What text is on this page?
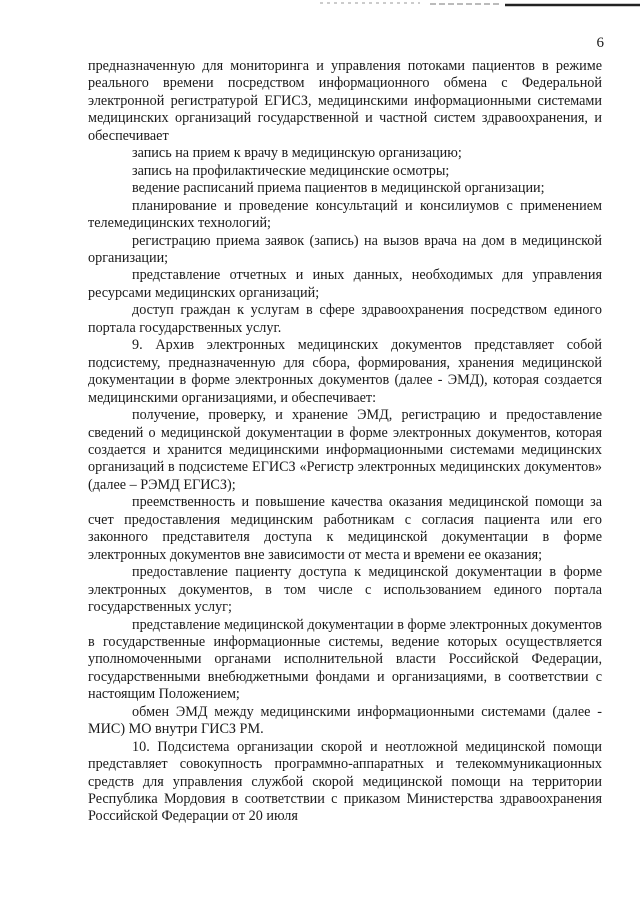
6

предназначенную для мониторинга и управления потоками пациентов в режиме реального времени посредством информационного обмена с Федеральной электронной регистратурой ЕГИСЗ, медицинскими информационными системами медицинских организаций государственной и частной систем здравоохранения, и обеспечивает

запись на прием к врачу в медицинскую организацию;

запись на профилактические медицинские осмотры;

ведение расписаний приема пациентов в медицинской организации;

планирование и проведение консультаций и консилиумов с применением телемедицинских технологий;

регистрацию приема заявок (запись) на вызов врача на дом в медицинской организации;

представление отчетных и иных данных, необходимых для управления ресурсами медицинских организаций;

доступ граждан к услугам в сфере здравоохранения посредством единого портала государственных услуг.

9. Архив электронных медицинских документов представляет собой подсистему, предназначенную для сбора, формирования, хранения медицинской документации в форме электронных документов (далее - ЭМД), которая создается медицинскими организациями, и обеспечивает:

получение, проверку, и хранение ЭМД, регистрацию и предоставление сведений о медицинской документации в форме электронных документов, которая создается и хранится медицинскими информационными системами медицинских организаций в подсистеме ЕГИСЗ «Регистр электронных медицинских документов» (далее – РЭМД ЕГИСЗ);

преемственность и повышение качества оказания медицинской помощи за счет предоставления медицинским работникам с согласия пациента или его законного представителя доступа к медицинской документации в форме электронных документов вне зависимости от места и времени ее оказания;

предоставление пациенту доступа к медицинской документации в форме электронных документов, в том числе с использованием единого портала государственных услуг;

представление медицинской документации в форме электронных документов в государственные информационные системы, ведение которых осуществляется уполномоченными органами исполнительной власти Российской Федерации, государственными внебюджетными фондами и организациями, в соответствии с настоящим Положением;

обмен ЭМД между медицинскими информационными системами (далее - МИС) МО внутри ГИСЗ РМ.

10. Подсистема организации скорой и неотложной медицинской помощи представляет совокупность программно-аппаратных и телекоммуникационных средств для управления службой скорой медицинской помощи на территории Республика Мордовия в соответствии с приказом Министерства здравоохранения Российской Федерации от 20 июля
